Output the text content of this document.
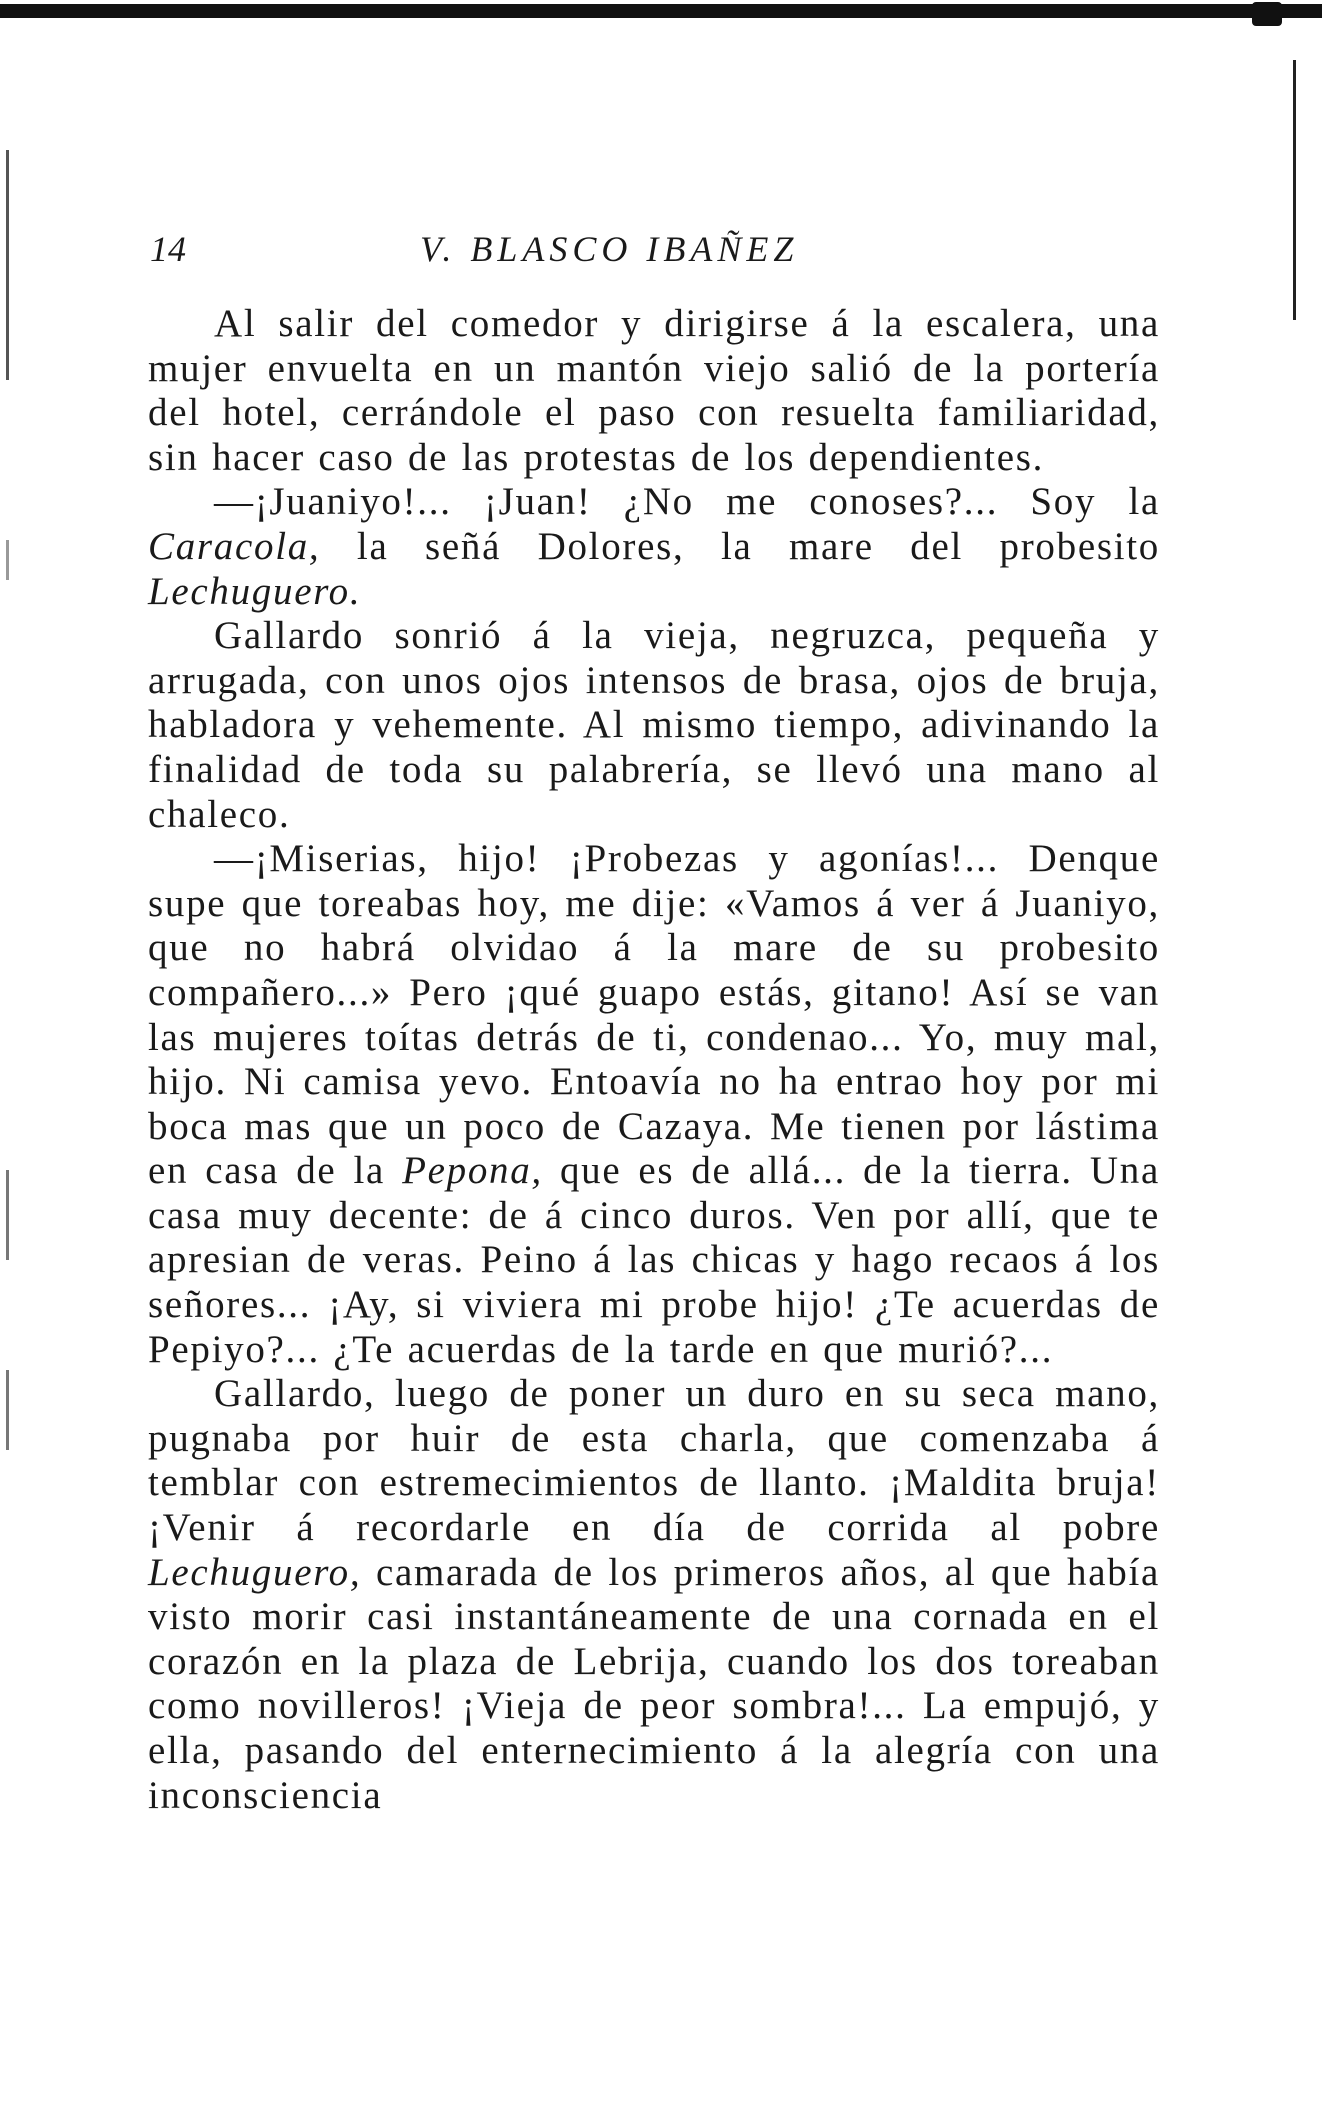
14	V. BLASCO IBAÑEZ

Al salir del comedor y dirigirse á la escalera, una mujer envuelta en un mantón viejo salió de la portería del hotel, cerrándole el paso con resuelta familiaridad, sin hacer caso de las protestas de los dependientes.

—¡Juaniyo!... ¡Juan! ¿No me conoses?... Soy la Caracola, la señá Dolores, la mare del probesito Lechuguero.

Gallardo sonrió á la vieja, negruzca, pequeña y arrugada, con unos ojos intensos de brasa, ojos de bruja, habladora y vehemente. Al mismo tiempo, adivinando la finalidad de toda su palabrería, se llevó una mano al chaleco.

—¡Miserias, hijo! ¡Probezas y agonías!... Denque supe que toreabas hoy, me dije: «Vamos á ver á Juaniyo, que no habrá olvidao á la mare de su probesito compañero...» Pero ¡qué guapo estás, gitano! Así se van las mujeres toítas detrás de ti, condenao... Yo, muy mal, hijo. Ni camisa yevo. Entoavía no ha entrao hoy por mi boca mas que un poco de Cazaya. Me tienen por lástima en casa de la Pepona, que es de allá... de la tierra. Una casa muy decente: de á cinco duros. Ven por allí, que te apresian de veras. Peino á las chicas y hago recaos á los señores... ¡Ay, si viviera mi probe hijo! ¿Te acuerdas de Pepiyo?... ¿Te acuerdas de la tarde en que murió?...

Gallardo, luego de poner un duro en su seca mano, pugnaba por huir de esta charla, que comenzaba á temblar con estremecimientos de llanto. ¡Maldita bruja! ¡Venir á recordarle en día de corrida al pobre Lechuguero, camarada de los primeros años, al que había visto morir casi instantáneamente de una cornada en el corazón en la plaza de Lebrija, cuando los dos toreaban como novilleros! ¡Vieja de peor sombra!... La empujó, y ella, pasando del enternecimiento á la alegría con una inconsciencia
